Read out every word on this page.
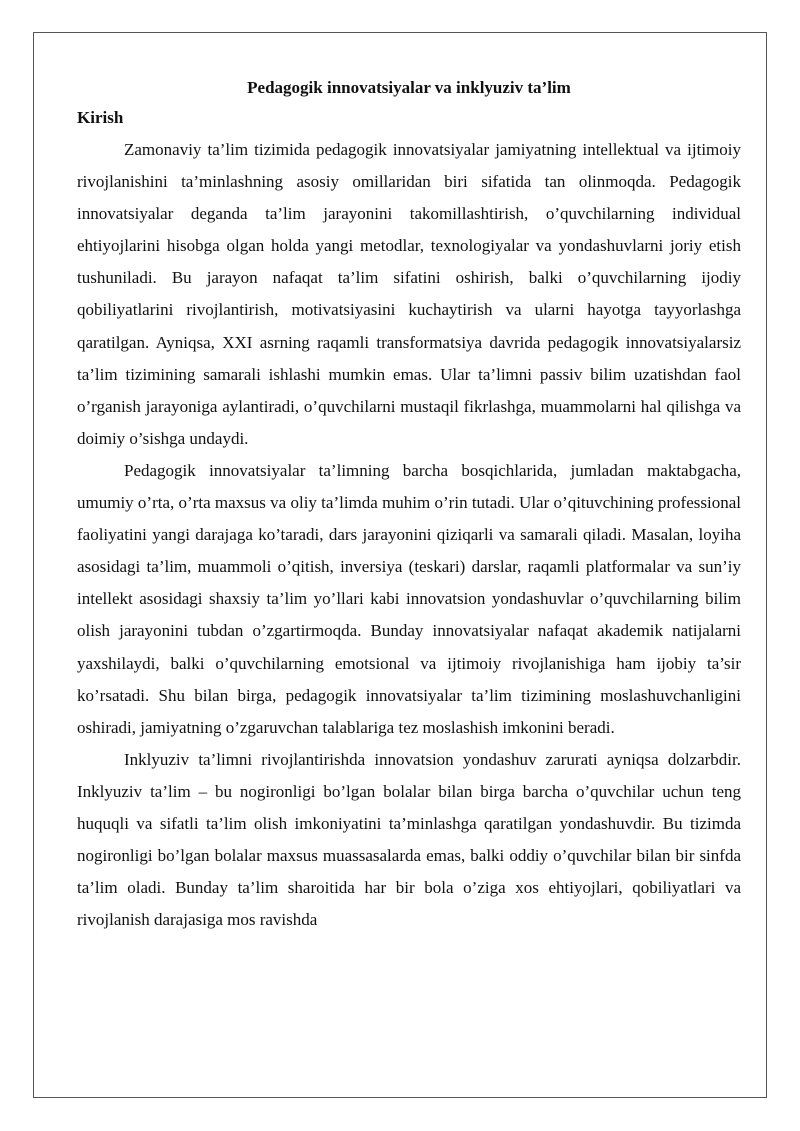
Pedagogik innovatsiyalar va inklyuziv ta’lim
Kirish

Zamonaviy ta’lim tizimida pedagogik innovatsiyalar jamiyatning intellektual va ijtimoiy rivojlanishini ta’minlashning asosiy omillaridan biri sifatida tan olinmoqda. Pedagogik innovatsiyalar deganda ta’lim jarayonini takomillashtirish, o’quvchilarning individual ehtiyojlarini hisobga olgan holda yangi metodlar, texnologiyalar va yondashuvlarni joriy etish tushuniladi. Bu jarayon nafaqat ta’lim sifatini oshirish, balki o’quvchilarning ijodiy qobiliyatlarini rivojlantirish, motivatsiyasini kuchaytirish va ularni hayotga tayyorlashga qaratilgan. Ayniqsa, XXI asrning raqamli transformatsiya davrida pedagogik innovatsiyalarsiz ta’lim tizimining samarali ishlashi mumkin emas. Ular ta’limni passiv bilim uzatishdan faol o’rganish jarayoniga aylantiradi, o’quvchilarni mustaqil fikrlashga, muammolarni hal qilishga va doimiy o’sishga undaydi.

Pedagogik innovatsiyalar ta’limning barcha bosqichlarida, jumladan maktabgacha, umumiy o’rta, o’rta maxsus va oliy ta’limda muhim o’rin tutadi. Ular o’qituvchining professional faoliyatini yangi darajaga ko’taradi, dars jarayonini qiziqarli va samarali qiladi. Masalan, loyiha asosidagi ta’lim, muammoli o’qitish, inversiya (teskari) darslar, raqamli platformalar va sun’iy intellekt asosidagi shaxsiy ta’lim yo’llari kabi innovatsion yondashuvlar o’quvchilarning bilim olish jarayonini tubdan o’zgartirmoqda. Bunday innovatsiyalar nafaqat akademik natijalarni yaxshilaydi, balki o’quvchilarning emotsional va ijtimoiy rivojlanishiga ham ijobiy ta’sir ko’rsatadi. Shu bilan birga, pedagogik innovatsiyalar ta’lim tizimining moslashuvchanligini oshiradi, jamiyatning o’zgaruvchan talablariga tez moslashish imkonini beradi.

Inklyuziv ta’limni rivojlantirishda innovatsion yondashuv zarurati ayniqsa dolzarbdir. Inklyuziv ta’lim – bu nogironligi bo’lgan bolalar bilan birga barcha o’quvchilar uchun teng huquqli va sifatli ta’lim olish imkoniyatini ta’minlashga qaratilgan yondashuvdir. Bu tizimda nogironligi bo’lgan bolalar maxsus muassasalarda emas, balki oddiy o’quvchilar bilan bir sinfda ta’lim oladi. Bunday ta’lim sharoitida har bir bola o’ziga xos ehtiyojlari, qobiliyatlari va rivojlanish darajasiga mos ravishda
